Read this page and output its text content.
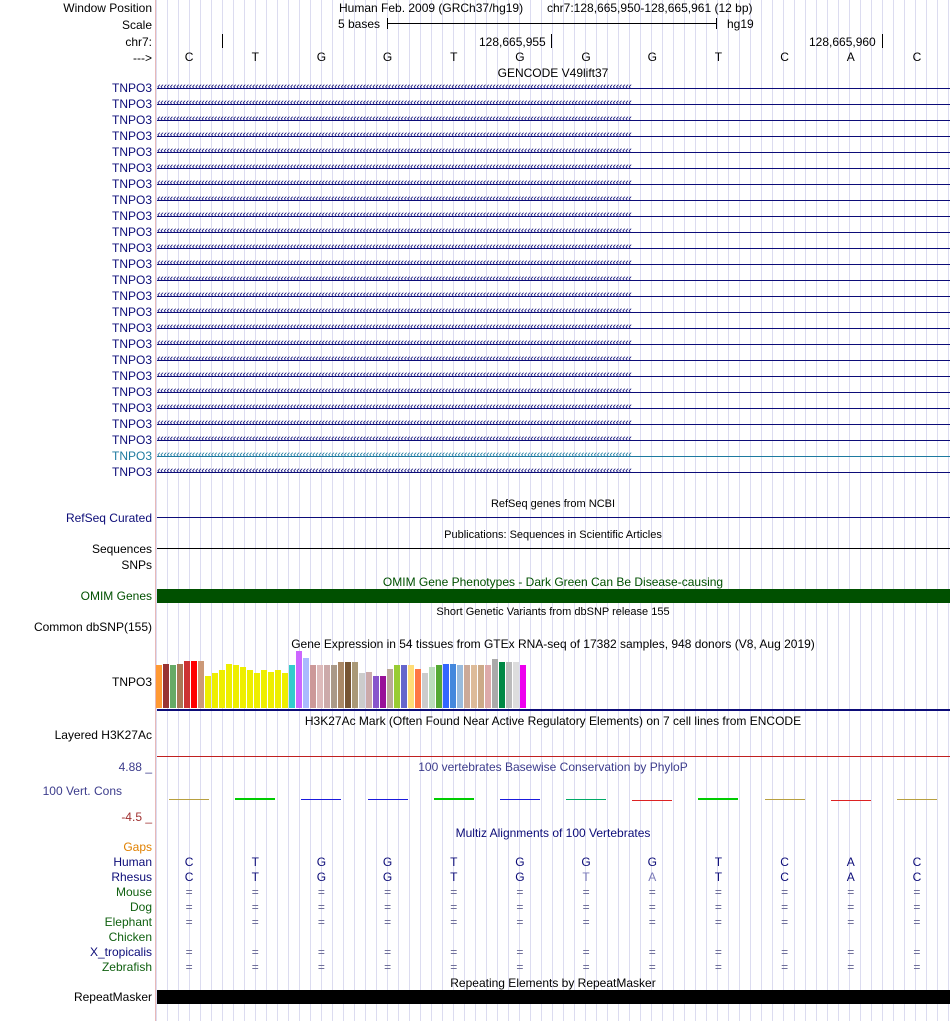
Window Position	Human Feb. 2009 (GRCh37/hg19) chr7:128,665,950-128,665,961 (12 bp)
Scale	5 bases	hg19
chr7:	128,665,955	128,665,960
--->	C	T	G	G	T	G	G	G	T	C	A	C
GENCODE V49lift37
TNPO3 ‹‹‹‹‹‹‹‹‹‹‹‹‹‹‹‹‹‹‹‹‹‹‹‹‹‹‹‹‹‹‹‹‹‹‹‹‹‹‹‹‹‹‹‹‹‹‹‹‹‹‹‹‹‹‹‹‹‹‹‹‹‹‹‹‹‹‹‹‹‹‹‹‹‹‹‹‹‹‹‹‹‹‹‹‹‹‹‹‹‹‹‹‹‹‹‹‹‹‹‹‹‹‹‹‹‹‹‹‹‹‹‹‹‹‹‹‹‹‹‹‹‹‹‹‹‹‹‹‹‹‹‹‹‹‹‹‹‹‹‹‹‹‹‹‹‹‹‹‹‹
TNPO3 ‹‹‹‹‹‹‹‹‹‹‹‹‹‹‹‹‹‹‹‹‹‹‹‹‹‹‹‹‹‹‹‹‹‹‹‹‹‹‹‹‹‹‹‹‹‹‹‹‹‹‹‹‹‹‹‹‹‹‹‹‹‹‹‹‹‹‹‹‹‹‹‹‹‹‹‹‹‹‹‹‹‹‹‹‹‹‹‹‹‹‹‹‹‹‹‹‹‹‹‹‹‹‹‹‹‹‹‹‹‹‹‹‹‹‹‹‹‹‹‹‹‹‹‹‹‹‹‹‹‹‹‹‹‹‹‹‹‹‹‹‹‹‹‹‹‹‹‹‹‹
TNPO3 ‹‹‹‹‹‹‹‹‹‹‹‹‹‹‹‹‹‹‹‹‹‹‹‹‹‹‹‹‹‹‹‹‹‹‹‹‹‹‹‹‹‹‹‹‹‹‹‹‹‹‹‹‹‹‹‹‹‹‹‹‹‹‹‹‹‹‹‹‹‹‹‹‹‹‹‹‹‹‹‹‹‹‹‹‹‹‹‹‹‹‹‹‹‹‹‹‹‹‹‹‹‹‹‹‹‹‹‹‹‹‹‹‹‹‹‹‹‹‹‹‹‹‹‹‹‹‹‹‹‹‹‹‹‹‹‹‹‹‹‹‹‹‹‹‹‹‹‹‹‹
TNPO3 ‹‹‹‹‹‹‹‹‹‹‹‹‹‹‹‹‹‹‹‹‹‹‹‹‹‹‹‹‹‹‹‹‹‹‹‹‹‹‹‹‹‹‹‹‹‹‹‹‹‹‹‹‹‹‹‹‹‹‹‹‹‹‹‹‹‹‹‹‹‹‹‹‹‹‹‹‹‹‹‹‹‹‹‹‹‹‹‹‹‹‹‹‹‹‹‹‹‹‹‹‹‹‹‹‹‹‹‹‹‹‹‹‹‹‹‹‹‹‹‹‹‹‹‹‹‹‹‹‹‹‹‹‹‹‹‹‹‹‹‹‹‹‹‹‹‹‹‹‹‹
TNPO3 ‹‹‹‹‹‹‹‹‹‹‹‹‹‹‹‹‹‹‹‹‹‹‹‹‹‹‹‹‹‹‹‹‹‹‹‹‹‹‹‹‹‹‹‹‹‹‹‹‹‹‹‹‹‹‹‹‹‹‹‹‹‹‹‹‹‹‹‹‹‹‹‹‹‹‹‹‹‹‹‹‹‹‹‹‹‹‹‹‹‹‹‹‹‹‹‹‹‹‹‹‹‹‹‹‹‹‹‹‹‹‹‹‹‹‹‹‹‹‹‹‹‹‹‹‹‹‹‹‹‹‹‹‹‹‹‹‹‹‹‹‹‹‹‹‹‹‹‹‹‹
TNPO3 ‹‹‹‹‹‹‹‹‹‹‹‹‹‹‹‹‹‹‹‹‹‹‹‹‹‹‹‹‹‹‹‹‹‹‹‹‹‹‹‹‹‹‹‹‹‹‹‹‹‹‹‹‹‹‹‹‹‹‹‹‹‹‹‹‹‹‹‹‹‹‹‹‹‹‹‹‹‹‹‹‹‹‹‹‹‹‹‹‹‹‹‹‹‹‹‹‹‹‹‹‹‹‹‹‹‹‹‹‹‹‹‹‹‹‹‹‹‹‹‹‹‹‹‹‹‹‹‹‹‹‹‹‹‹‹‹‹‹‹‹‹‹‹‹‹‹‹‹‹‹
TNPO3 ‹‹‹‹‹‹‹‹‹‹‹‹‹‹‹‹‹‹‹‹‹‹‹‹‹‹‹‹‹‹‹‹‹‹‹‹‹‹‹‹‹‹‹‹‹‹‹‹‹‹‹‹‹‹‹‹‹‹‹‹‹‹‹‹‹‹‹‹‹‹‹‹‹‹‹‹‹‹‹‹‹‹‹‹‹‹‹‹‹‹‹‹‹‹‹‹‹‹‹‹‹‹‹‹‹‹‹‹‹‹‹‹‹‹‹‹‹‹‹‹‹‹‹‹‹‹‹‹‹‹‹‹‹‹‹‹‹‹‹‹‹‹‹‹‹‹‹‹‹‹
TNPO3 ‹‹‹‹‹‹‹‹‹‹‹‹‹‹‹‹‹‹‹‹‹‹‹‹‹‹‹‹‹‹‹‹‹‹‹‹‹‹‹‹‹‹‹‹‹‹‹‹‹‹‹‹‹‹‹‹‹‹‹‹‹‹‹‹‹‹‹‹‹‹‹‹‹‹‹‹‹‹‹‹‹‹‹‹‹‹‹‹‹‹‹‹‹‹‹‹‹‹‹‹‹‹‹‹‹‹‹‹‹‹‹‹‹‹‹‹‹‹‹‹‹‹‹‹‹‹‹‹‹‹‹‹‹‹‹‹‹‹‹‹‹‹‹‹‹‹‹‹‹‹
TNPO3 ‹‹‹‹‹‹‹‹‹‹‹‹‹‹‹‹‹‹‹‹‹‹‹‹‹‹‹‹‹‹‹‹‹‹‹‹‹‹‹‹‹‹‹‹‹‹‹‹‹‹‹‹‹‹‹‹‹‹‹‹‹‹‹‹‹‹‹‹‹‹‹‹‹‹‹‹‹‹‹‹‹‹‹‹‹‹‹‹‹‹‹‹‹‹‹‹‹‹‹‹‹‹‹‹‹‹‹‹‹‹‹‹‹‹‹‹‹‹‹‹‹‹‹‹‹‹‹‹‹‹‹‹‹‹‹‹‹‹‹‹‹‹‹‹‹‹‹‹‹‹
TNPO3 ‹‹‹‹‹‹‹‹‹‹‹‹‹‹‹‹‹‹‹‹‹‹‹‹‹‹‹‹‹‹‹‹‹‹‹‹‹‹‹‹‹‹‹‹‹‹‹‹‹‹‹‹‹‹‹‹‹‹‹‹‹‹‹‹‹‹‹‹‹‹‹‹‹‹‹‹‹‹‹‹‹‹‹‹‹‹‹‹‹‹‹‹‹‹‹‹‹‹‹‹‹‹‹‹‹‹‹‹‹‹‹‹‹‹‹‹‹‹‹‹‹‹‹‹‹‹‹‹‹‹‹‹‹‹‹‹‹‹‹‹‹‹‹‹‹‹‹‹‹‹
TNPO3 ‹‹‹‹‹‹‹‹‹‹‹‹‹‹‹‹‹‹‹‹‹‹‹‹‹‹‹‹‹‹‹‹‹‹‹‹‹‹‹‹‹‹‹‹‹‹‹‹‹‹‹‹‹‹‹‹‹‹‹‹‹‹‹‹‹‹‹‹‹‹‹‹‹‹‹‹‹‹‹‹‹‹‹‹‹‹‹‹‹‹‹‹‹‹‹‹‹‹‹‹‹‹‹‹‹‹‹‹‹‹‹‹‹‹‹‹‹‹‹‹‹‹‹‹‹‹‹‹‹‹‹‹‹‹‹‹‹‹‹‹‹‹‹‹‹‹‹‹‹‹
TNPO3 ‹‹‹‹‹‹‹‹‹‹‹‹‹‹‹‹‹‹‹‹‹‹‹‹‹‹‹‹‹‹‹‹‹‹‹‹‹‹‹‹‹‹‹‹‹‹‹‹‹‹‹‹‹‹‹‹‹‹‹‹‹‹‹‹‹‹‹‹‹‹‹‹‹‹‹‹‹‹‹‹‹‹‹‹‹‹‹‹‹‹‹‹‹‹‹‹‹‹‹‹‹‹‹‹‹‹‹‹‹‹‹‹‹‹‹‹‹‹‹‹‹‹‹‹‹‹‹‹‹‹‹‹‹‹‹‹‹‹‹‹‹‹‹‹‹‹‹‹‹‹
TNPO3 ‹‹‹‹‹‹‹‹‹‹‹‹‹‹‹‹‹‹‹‹‹‹‹‹‹‹‹‹‹‹‹‹‹‹‹‹‹‹‹‹‹‹‹‹‹‹‹‹‹‹‹‹‹‹‹‹‹‹‹‹‹‹‹‹‹‹‹‹‹‹‹‹‹‹‹‹‹‹‹‹‹‹‹‹‹‹‹‹‹‹‹‹‹‹‹‹‹‹‹‹‹‹‹‹‹‹‹‹‹‹‹‹‹‹‹‹‹‹‹‹‹‹‹‹‹‹‹‹‹‹‹‹‹‹‹‹‹‹‹‹‹‹‹‹‹‹‹‹‹‹
TNPO3 ‹‹‹‹‹‹‹‹‹‹‹‹‹‹‹‹‹‹‹‹‹‹‹‹‹‹‹‹‹‹‹‹‹‹‹‹‹‹‹‹‹‹‹‹‹‹‹‹‹‹‹‹‹‹‹‹‹‹‹‹‹‹‹‹‹‹‹‹‹‹‹‹‹‹‹‹‹‹‹‹‹‹‹‹‹‹‹‹‹‹‹‹‹‹‹‹‹‹‹‹‹‹‹‹‹‹‹‹‹‹‹‹‹‹‹‹‹‹‹‹‹‹‹‹‹‹‹‹‹‹‹‹‹‹‹‹‹‹‹‹‹‹‹‹‹‹‹‹‹‹
TNPO3 ‹‹‹‹‹‹‹‹‹‹‹‹‹‹‹‹‹‹‹‹‹‹‹‹‹‹‹‹‹‹‹‹‹‹‹‹‹‹‹‹‹‹‹‹‹‹‹‹‹‹‹‹‹‹‹‹‹‹‹‹‹‹‹‹‹‹‹‹‹‹‹‹‹‹‹‹‹‹‹‹‹‹‹‹‹‹‹‹‹‹‹‹‹‹‹‹‹‹‹‹‹‹‹‹‹‹‹‹‹‹‹‹‹‹‹‹‹‹‹‹‹‹‹‹‹‹‹‹‹‹‹‹‹‹‹‹‹‹‹‹‹‹‹‹‹‹‹‹‹‹
TNPO3 ‹‹‹‹‹‹‹‹‹‹‹‹‹‹‹‹‹‹‹‹‹‹‹‹‹‹‹‹‹‹‹‹‹‹‹‹‹‹‹‹‹‹‹‹‹‹‹‹‹‹‹‹‹‹‹‹‹‹‹‹‹‹‹‹‹‹‹‹‹‹‹‹‹‹‹‹‹‹‹‹‹‹‹‹‹‹‹‹‹‹‹‹‹‹‹‹‹‹‹‹‹‹‹‹‹‹‹‹‹‹‹‹‹‹‹‹‹‹‹‹‹‹‹‹‹‹‹‹‹‹‹‹‹‹‹‹‹‹‹‹‹‹‹‹‹‹‹‹‹‹
TNPO3 ‹‹‹‹‹‹‹‹‹‹‹‹‹‹‹‹‹‹‹‹‹‹‹‹‹‹‹‹‹‹‹‹‹‹‹‹‹‹‹‹‹‹‹‹‹‹‹‹‹‹‹‹‹‹‹‹‹‹‹‹‹‹‹‹‹‹‹‹‹‹‹‹‹‹‹‹‹‹‹‹‹‹‹‹‹‹‹‹‹‹‹‹‹‹‹‹‹‹‹‹‹‹‹‹‹‹‹‹‹‹‹‹‹‹‹‹‹‹‹‹‹‹‹‹‹‹‹‹‹‹‹‹‹‹‹‹‹‹‹‹‹‹‹‹‹‹‹‹‹‹
TNPO3 ‹‹‹‹‹‹‹‹‹‹‹‹‹‹‹‹‹‹‹‹‹‹‹‹‹‹‹‹‹‹‹‹‹‹‹‹‹‹‹‹‹‹‹‹‹‹‹‹‹‹‹‹‹‹‹‹‹‹‹‹‹‹‹‹‹‹‹‹‹‹‹‹‹‹‹‹‹‹‹‹‹‹‹‹‹‹‹‹‹‹‹‹‹‹‹‹‹‹‹‹‹‹‹‹‹‹‹‹‹‹‹‹‹‹‹‹‹‹‹‹‹‹‹‹‹‹‹‹‹‹‹‹‹‹‹‹‹‹‹‹‹‹‹‹‹‹‹‹‹‹
TNPO3 ‹‹‹‹‹‹‹‹‹‹‹‹‹‹‹‹‹‹‹‹‹‹‹‹‹‹‹‹‹‹‹‹‹‹‹‹‹‹‹‹‹‹‹‹‹‹‹‹‹‹‹‹‹‹‹‹‹‹‹‹‹‹‹‹‹‹‹‹‹‹‹‹‹‹‹‹‹‹‹‹‹‹‹‹‹‹‹‹‹‹‹‹‹‹‹‹‹‹‹‹‹‹‹‹‹‹‹‹‹‹‹‹‹‹‹‹‹‹‹‹‹‹‹‹‹‹‹‹‹‹‹‹‹‹‹‹‹‹‹‹‹‹‹‹‹‹‹‹‹‹
TNPO3 ‹‹‹‹‹‹‹‹‹‹‹‹‹‹‹‹‹‹‹‹‹‹‹‹‹‹‹‹‹‹‹‹‹‹‹‹‹‹‹‹‹‹‹‹‹‹‹‹‹‹‹‹‹‹‹‹‹‹‹‹‹‹‹‹‹‹‹‹‹‹‹‹‹‹‹‹‹‹‹‹‹‹‹‹‹‹‹‹‹‹‹‹‹‹‹‹‹‹‹‹‹‹‹‹‹‹‹‹‹‹‹‹‹‹‹‹‹‹‹‹‹‹‹‹‹‹‹‹‹‹‹‹‹‹‹‹‹‹‹‹‹‹‹‹‹‹‹‹‹‹
TNPO3 ‹‹‹‹‹‹‹‹‹‹‹‹‹‹‹‹‹‹‹‹‹‹‹‹‹‹‹‹‹‹‹‹‹‹‹‹‹‹‹‹‹‹‹‹‹‹‹‹‹‹‹‹‹‹‹‹‹‹‹‹‹‹‹‹‹‹‹‹‹‹‹‹‹‹‹‹‹‹‹‹‹‹‹‹‹‹‹‹‹‹‹‹‹‹‹‹‹‹‹‹‹‹‹‹‹‹‹‹‹‹‹‹‹‹‹‹‹‹‹‹‹‹‹‹‹‹‹‹‹‹‹‹‹‹‹‹‹‹‹‹‹‹‹‹‹‹‹‹‹‹
TNPO3 ‹‹‹‹‹‹‹‹‹‹‹‹‹‹‹‹‹‹‹‹‹‹‹‹‹‹‹‹‹‹‹‹‹‹‹‹‹‹‹‹‹‹‹‹‹‹‹‹‹‹‹‹‹‹‹‹‹‹‹‹‹‹‹‹‹‹‹‹‹‹‹‹‹‹‹‹‹‹‹‹‹‹‹‹‹‹‹‹‹‹‹‹‹‹‹‹‹‹‹‹‹‹‹‹‹‹‹‹‹‹‹‹‹‹‹‹‹‹‹‹‹‹‹‹‹‹‹‹‹‹‹‹‹‹‹‹‹‹‹‹‹‹‹‹‹‹‹‹‹‹
TNPO3 ‹‹‹‹‹‹‹‹‹‹‹‹‹‹‹‹‹‹‹‹‹‹‹‹‹‹‹‹‹‹‹‹‹‹‹‹‹‹‹‹‹‹‹‹‹‹‹‹‹‹‹‹‹‹‹‹‹‹‹‹‹‹‹‹‹‹‹‹‹‹‹‹‹‹‹‹‹‹‹‹‹‹‹‹‹‹‹‹‹‹‹‹‹‹‹‹‹‹‹‹‹‹‹‹‹‹‹‹‹‹‹‹‹‹‹‹‹‹‹‹‹‹‹‹‹‹‹‹‹‹‹‹‹‹‹‹‹‹‹‹‹‹‹‹‹‹‹‹‹‹
TNPO3 ‹‹‹‹‹‹‹‹‹‹‹‹‹‹‹‹‹‹‹‹‹‹‹‹‹‹‹‹‹‹‹‹‹‹‹‹‹‹‹‹‹‹‹‹‹‹‹‹‹‹‹‹‹‹‹‹‹‹‹‹‹‹‹‹‹‹‹‹‹‹‹‹‹‹‹‹‹‹‹‹‹‹‹‹‹‹‹‹‹‹‹‹‹‹‹‹‹‹‹‹‹‹‹‹‹‹‹‹‹‹‹‹‹‹‹‹‹‹‹‹‹‹‹‹‹‹‹‹‹‹‹‹‹‹‹‹‹‹‹‹‹‹‹‹‹‹‹‹‹‹
TNPO3 ‹‹‹‹‹‹‹‹‹‹‹‹‹‹‹‹‹‹‹‹‹‹‹‹‹‹‹‹‹‹‹‹‹‹‹‹‹‹‹‹‹‹‹‹‹‹‹‹‹‹‹‹‹‹‹‹‹‹‹‹‹‹‹‹‹‹‹‹‹‹‹‹‹‹‹‹‹‹‹‹‹‹‹‹‹‹‹‹‹‹‹‹‹‹‹‹‹‹‹‹‹‹‹‹‹‹‹‹‹‹‹‹‹‹‹‹‹‹‹‹‹‹‹‹‹‹‹‹‹‹‹‹‹‹‹‹‹‹‹‹‹‹‹‹‹‹‹‹‹‹
RefSeq genes from NCBI
RefSeq Curated
Publications: Sequences in Scientific Articles
Sequences
SNPs
OMIM Gene Phenotypes - Dark Green Can Be Disease-causing
OMIM Genes
Short Genetic Variants from dbSNP release 155
Common dbSNP(155)
Gene Expression in 54 tissues from GTEx RNA-seq of 17382 samples, 948 donors (V8, Aug 2019)
TNPO3
H3K27Ac Mark (Often Found Near Active Regulatory Elements) on 7 cell lines from ENCODE
Layered H3K27Ac
100 vertebrates Basewise Conservation by PhyloP
4.88 _
100 Vert. Cons
-4.5 _
Multiz Alignments of 100 Vertebrates
Gaps
Human	C	T	G	G	T	G	G	G	T	C	A	C
Rhesus	C	T	G	G	T	G	T	A	T	C	A	C
Mouse	=	=	=	=	=	=	=	=	=	=	=	=
Dog	=	=	=	=	=	=	=	=	=	=	=	=
Elephant	=	=	=	=	=	=	=	=	=	=	=	=
Chicken
X_tropicalis	=	=	=	=	=	=	=	=	=	=	=	=
Zebrafish	=	=	=	=	=	=	=	=	=	=	=	=
Repeating Elements by RepeatMasker
RepeatMasker
